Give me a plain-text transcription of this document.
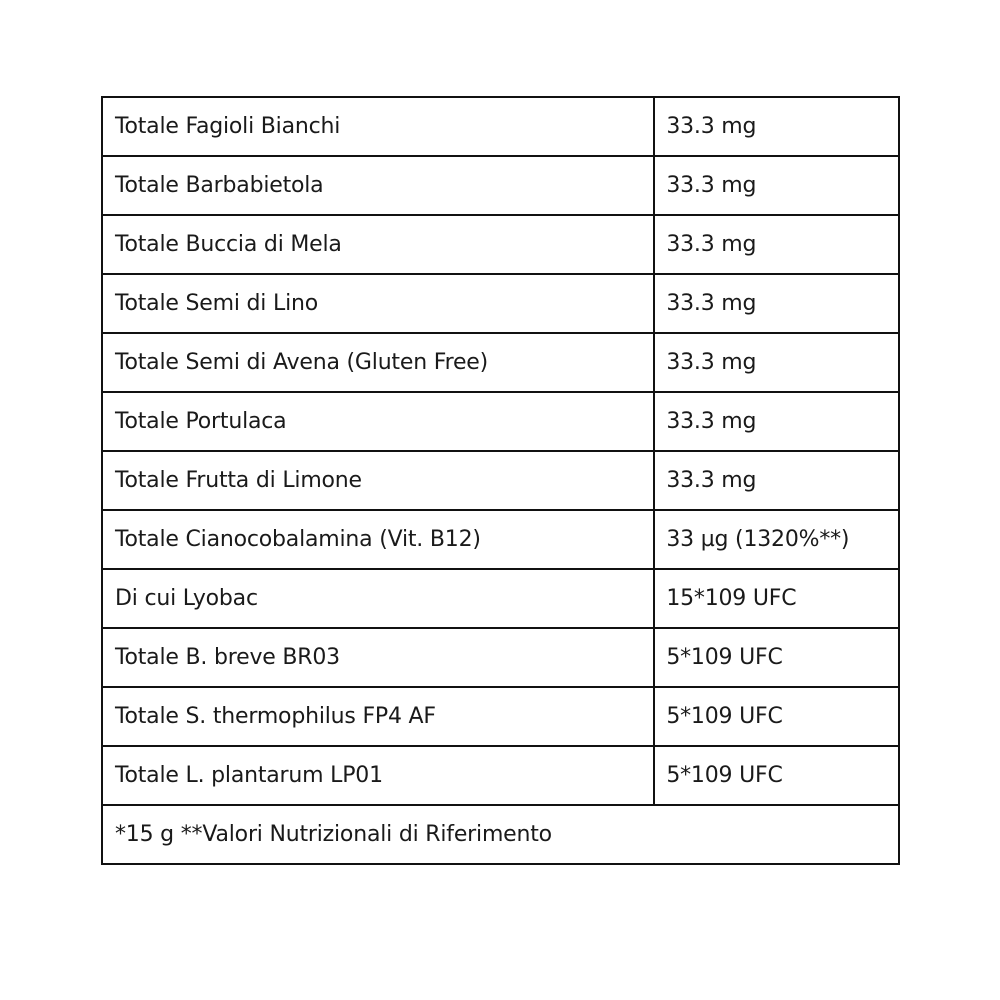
Totale Fagioli Bianchi	33.3 mg
Totale Barbabietola	33.3 mg
Totale Buccia di Mela	33.3 mg
Totale Semi di Lino	33.3 mg
Totale Semi di Avena (Gluten Free)	33.3 mg
Totale Portulaca	33.3 mg
Totale Frutta di Limone	33.3 mg
Totale Cianocobalamina (Vit. B12)	33 µg (1320%**)
Di cui Lyobac	15*109 UFC
Totale B. breve BR03	5*109 UFC
Totale S. thermophilus FP4 AF	5*109 UFC
Totale L. plantarum LP01	5*109 UFC
*15 g **Valori Nutrizionali di Riferimento	
